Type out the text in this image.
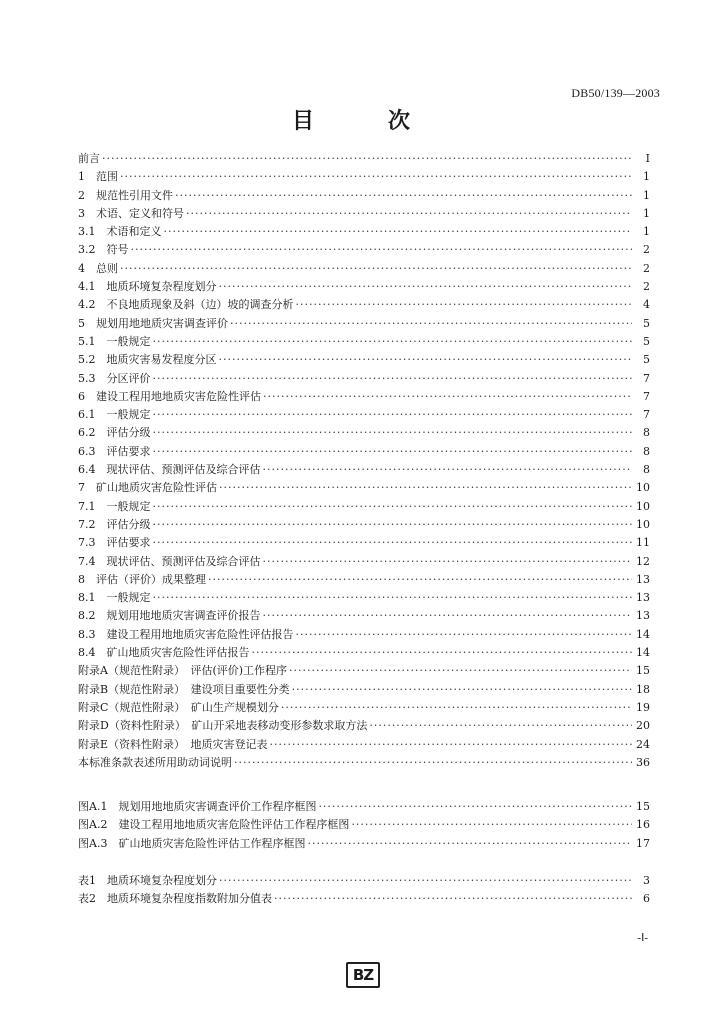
DB50/139—2003
目　次
前言 ·····	Ⅰ
1　范围 ·····	1
2　规范性引用文件 ·····	1
3　术语、定义和符号 ·····	1
3.1　术语和定义 ·····	1
3.2　符号 ·····	2
4　总则 ·····	2
4.1　地质环境复杂程度划分 ·····	2
4.2　不良地质现象及斜（边）坡的调查分析 ·····	4
5　规划用地地质灾害调查评价 ·····	5
5.1　一般规定 ·····	5
5.2　地质灾害易发程度分区 ·····	5
5.3　分区评价 ·····	7
6　建设工程用地地质灾害危险性评估 ·····	7
6.1　一般规定 ·····	7
6.2　评估分级 ·····	8
6.3　评估要求 ·····	8
6.4　现状评估、预测评估及综合评估 ·····	8
7　矿山地质灾害危险性评估 ·····	10
7.1　一般规定 ·····	10
7.2　评估分级 ·····	10
7.3　评估要求 ·····	11
7.4　现状评估、预测评估及综合评估 ·····	12
8　评估（评价）成果整理 ·····	13
8.1　一般规定 ·····	13
8.2　规划用地地质灾害调查评价报告 ·····	13
8.3　建设工程用地地质灾害危险性评估报告 ·····	14
8.4　矿山地质灾害危险性评估报告 ·····	14
附录A（规范性附录）　评估(评价)工作程序 ·····	15
附录B（规范性附录）　建设项目重要性分类 ·····	18
附录C（规范性附录）　矿山生产规模划分 ·····	19
附录D（资料性附录）　矿山开采地表移动变形参数求取方法 ·····	20
附录E（资料性附录）　地质灾害登记表 ·····	24
本标准条款表述所用助动词说明 ·····	36
图A.1　规划用地地质灾害调查评价工作程序框图 ·····	15
图A.2　建设工程用地地质灾害危险性评估工作程序框图 ·····	16
图A.3　矿山地质灾害危险性评估工作程序框图 ·····	17
表1　地质环境复杂程度划分 ·····	3
表2　地质环境复杂程度指数附加分值表 ·····	6
-Ⅰ-
BZ
